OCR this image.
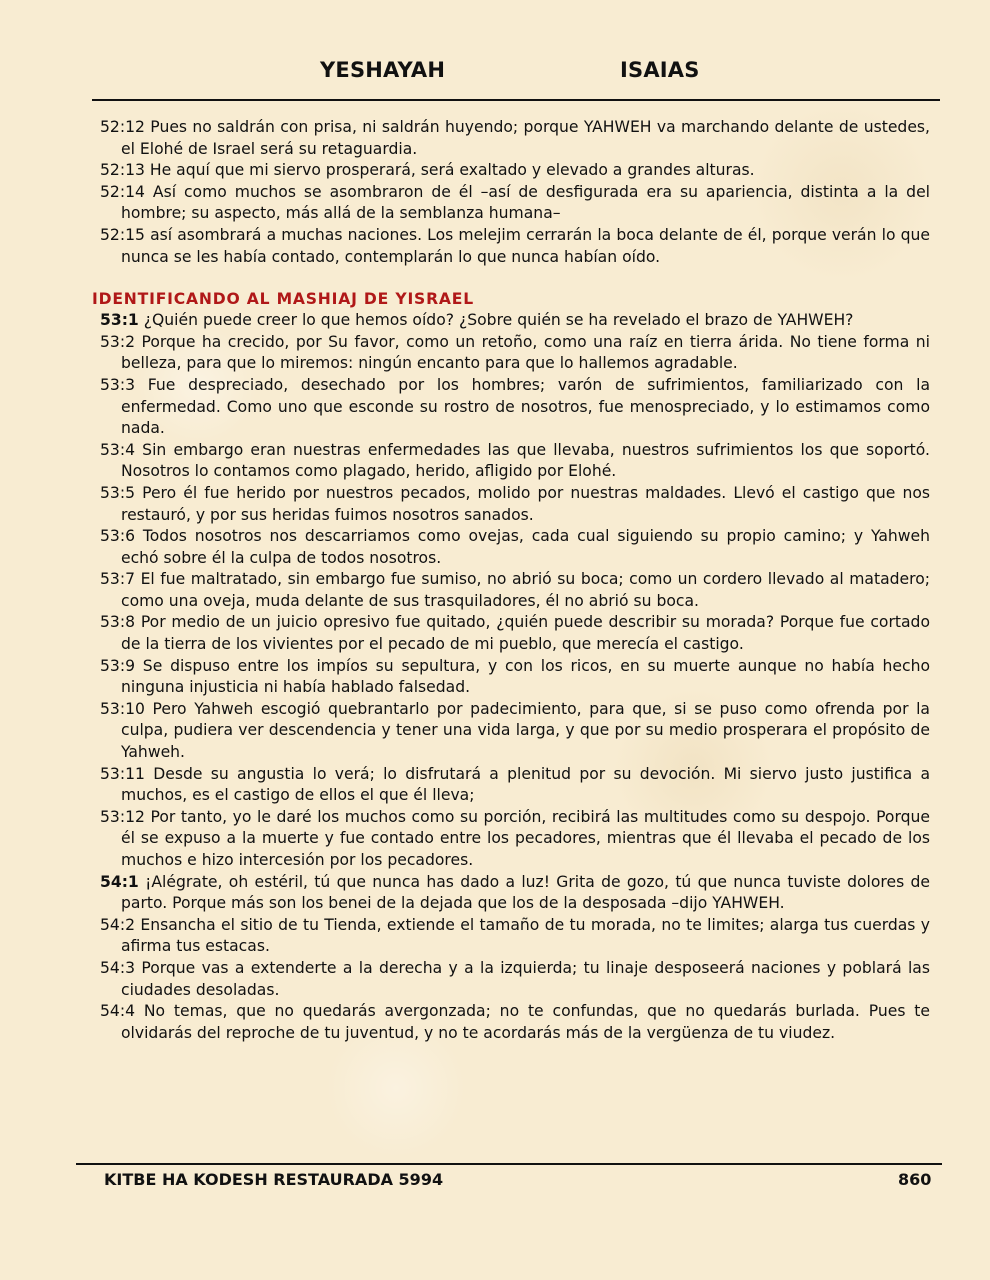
YESHAYAH	ISAIAS

52:12 Pues no saldrán con prisa, ni saldrán huyendo; porque YAHWEH va marchando delante de ustedes, el Elohé de Israel será su retaguardia.

52:13 He aquí que mi siervo prosperará, será exaltado y elevado a grandes alturas.

52:14 Así como muchos se asombraron de él –así de desfigurada era su apariencia, distinta a la del hombre; su aspecto, más allá de la semblanza humana–

52:15 así asombrará a muchas naciones. Los melejim cerrarán la boca delante de él, porque verán lo que nunca se les había contado, contemplarán lo que nunca habían oído.

IDENTIFICANDO AL MASHIAJ DE YISRAEL

53:1 ¿Quién puede creer lo que hemos oído? ¿Sobre quién se ha revelado el brazo de YAHWEH?

53:2 Porque ha crecido, por Su favor, como un retoño, como una raíz en tierra árida. No tiene forma ni belleza, para que lo miremos: ningún encanto para que lo hallemos agradable.

53:3 Fue despreciado, desechado por los hombres; varón de sufrimientos, familiarizado con la enfermedad. Como uno que esconde su rostro de nosotros, fue menospreciado, y lo estimamos como nada.

53:4 Sin embargo eran nuestras enfermedades las que llevaba, nuestros sufrimientos los que soportó. Nosotros lo contamos como plagado, herido, afligido por Elohé.

53:5 Pero él fue herido por nuestros pecados, molido por nuestras maldades. Llevó el castigo que nos restauró, y por sus heridas fuimos nosotros sanados.

53:6 Todos nosotros nos descarriamos como ovejas, cada cual siguiendo su propio camino; y Yahweh echó sobre él la culpa de todos nosotros.

53:7 El fue maltratado, sin embargo fue sumiso, no abrió su boca; como un cordero llevado al matadero; como una oveja, muda delante de sus trasquiladores, él no abrió su boca.

53:8 Por medio de un juicio opresivo fue quitado, ¿quién puede describir su morada? Porque fue cortado de la tierra de los vivientes por el pecado de mi pueblo, que merecía el castigo.

53:9 Se dispuso entre los impíos su sepultura, y con los ricos, en su muerte aunque no había hecho ninguna injusticia ni había hablado falsedad.

53:10 Pero Yahweh escogió quebrantarlo por padecimiento, para que, si se puso como ofrenda por la culpa, pudiera ver descendencia y tener una vida larga, y que por su medio prosperara el propósito de Yahweh.

53:11 Desde su angustia lo verá; lo disfrutará a plenitud por su devoción. Mi siervo justo justifica a muchos, es el castigo de ellos el que él lleva;

53:12 Por tanto, yo le daré los muchos como su porción, recibirá las multitudes como su despojo. Porque él se expuso a la muerte y fue contado entre los pecadores, mientras que él llevaba el pecado de los muchos e hizo intercesión por los pecadores.

54:1 ¡Alégrate, oh estéril, tú que nunca has dado a luz! Grita de gozo, tú que nunca tuviste dolores de parto. Porque más son los benei de la dejada que los de la desposada –dijo YAHWEH.

54:2 Ensancha el sitio de tu Tienda, extiende el tamaño de tu morada, no te limites; alarga tus cuerdas y afirma tus estacas.

54:3 Porque vas a extenderte a la derecha y a la izquierda; tu linaje desposeerá naciones y poblará las ciudades desoladas.

54:4 No temas, que no quedarás avergonzada; no te confundas, que no quedarás burlada. Pues te olvidarás del reproche de tu juventud, y no te acordarás más de la vergüenza de tu viudez.

KITBE HA KODESH RESTAURADA 5994	860
